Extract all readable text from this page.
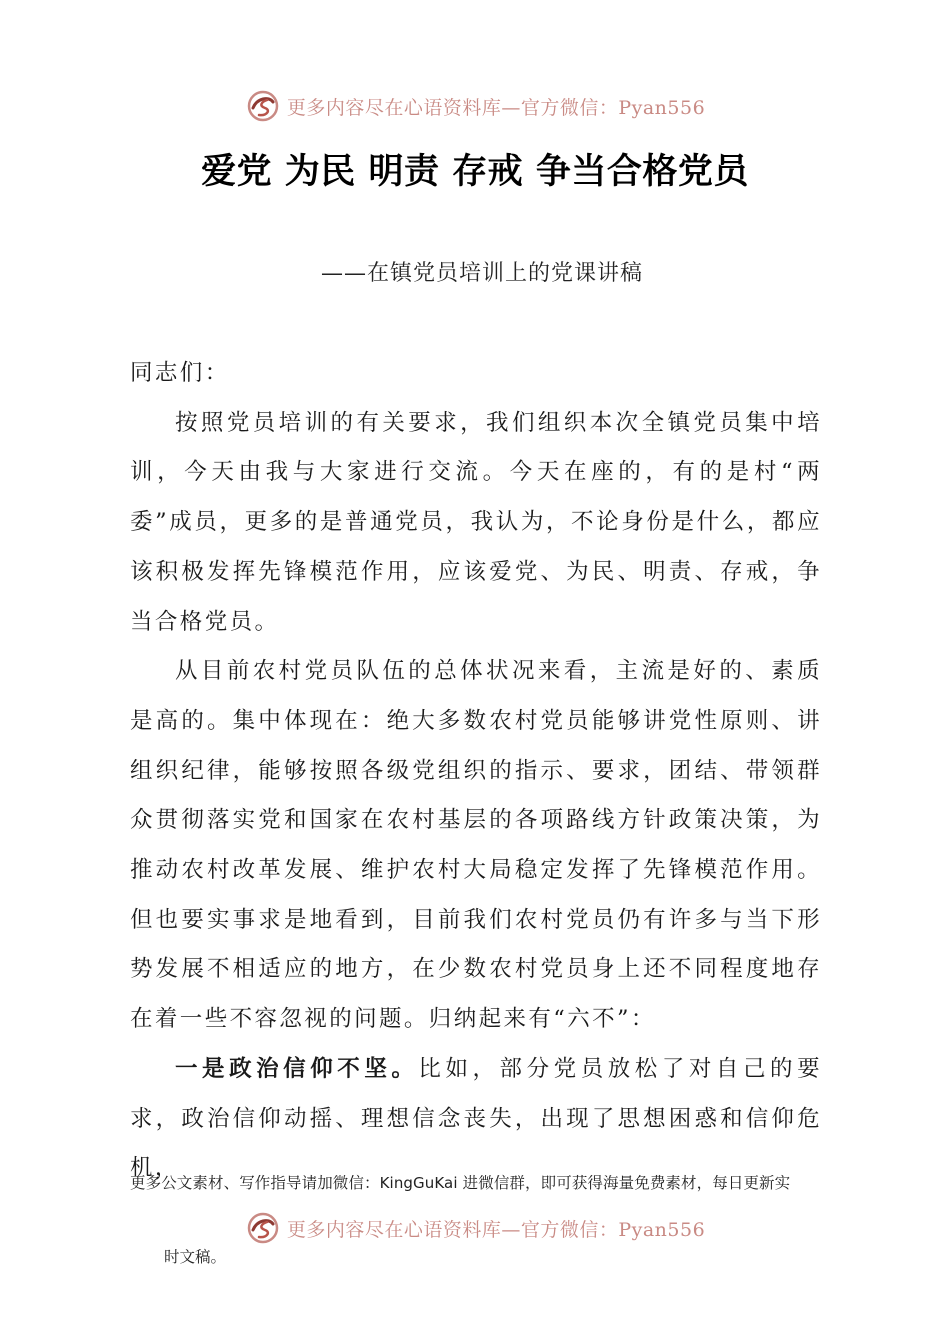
更多内容尽在心语资料库—官方微信：Pyan556
爱党 为民 明责 存戒 争当合格党员
——在镇党员培训上的党课讲稿

同志们：

按照党员培训的有关要求，我们组织本次全镇党员集中培训，今天由我与大家进行交流。今天在座的，有的是村“两委”成员，更多的是普通党员，我认为，不论身份是什么，都应该积极发挥先锋模范作用，应该爱党、为民、明责、存戒，争当合格党员。

从目前农村党员队伍的总体状况来看，主流是好的、素质是高的。集中体现在：绝大多数农村党员能够讲党性原则、讲组织纪律，能够按照各级党组织的指示、要求，团结、带领群众贯彻落实党和国家在农村基层的各项路线方针政策决策，为推动农村改革发展、维护农村大局稳定发挥了先锋模范作用。但也要实事求是地看到，目前我们农村党员仍有许多与当下形势发展不相适应的地方，在少数农村党员身上还不同程度地存在着一些不容忽视的问题。归纳起来有“六不”：

一是政治信仰不坚。比如，部分党员放松了对自己的要求，政治信仰动摇、理想信念丧失，出现了思想困惑和信仰危机，

更多公文素材、写作指导请加微信：KingGuKai 进微信群，即可获得海量免费素材，每日更新实
更多内容尽在心语资料库—官方微信：Pyan556
时文稿。
